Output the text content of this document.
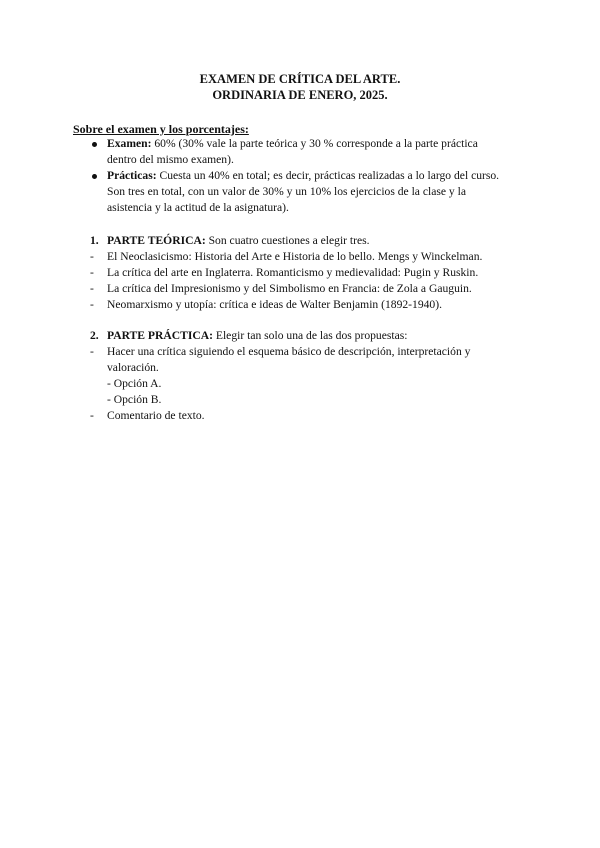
EXAMEN DE CRÍTICA DEL ARTE.
ORDINARIA DE ENERO, 2025.
Sobre el examen y los porcentajes:
Examen: 60% (30% vale la parte teórica y 30 % corresponde a la parte práctica
dentro del mismo examen).
Prácticas: Cuesta un 40% en total; es decir, prácticas realizadas a lo largo del curso.
Son tres en total, con un valor de 30% y un 10% los ejercicios de la clase y la
asistencia y la actitud de la asignatura).
1. PARTE TEÓRICA: Son cuatro cuestiones a elegir tres.
- El Neoclasicismo: Historia del Arte e Historia de lo bello. Mengs y Winckelman.
- La crítica del arte en Inglaterra. Romanticismo y medievalidad: Pugin y Ruskin.
- La crítica del Impresionismo y del Simbolismo en Francia: de Zola a Gauguin.
- Neomarxismo y utopía: crítica e ideas de Walter Benjamin (1892-1940).
2. PARTE PRÁCTICA: Elegir tan solo una de las dos propuestas:
- Hacer una crítica siguiendo el esquema básico de descripción, interpretación y
valoración.
- Opción A.
- Opción B.
- Comentario de texto.
